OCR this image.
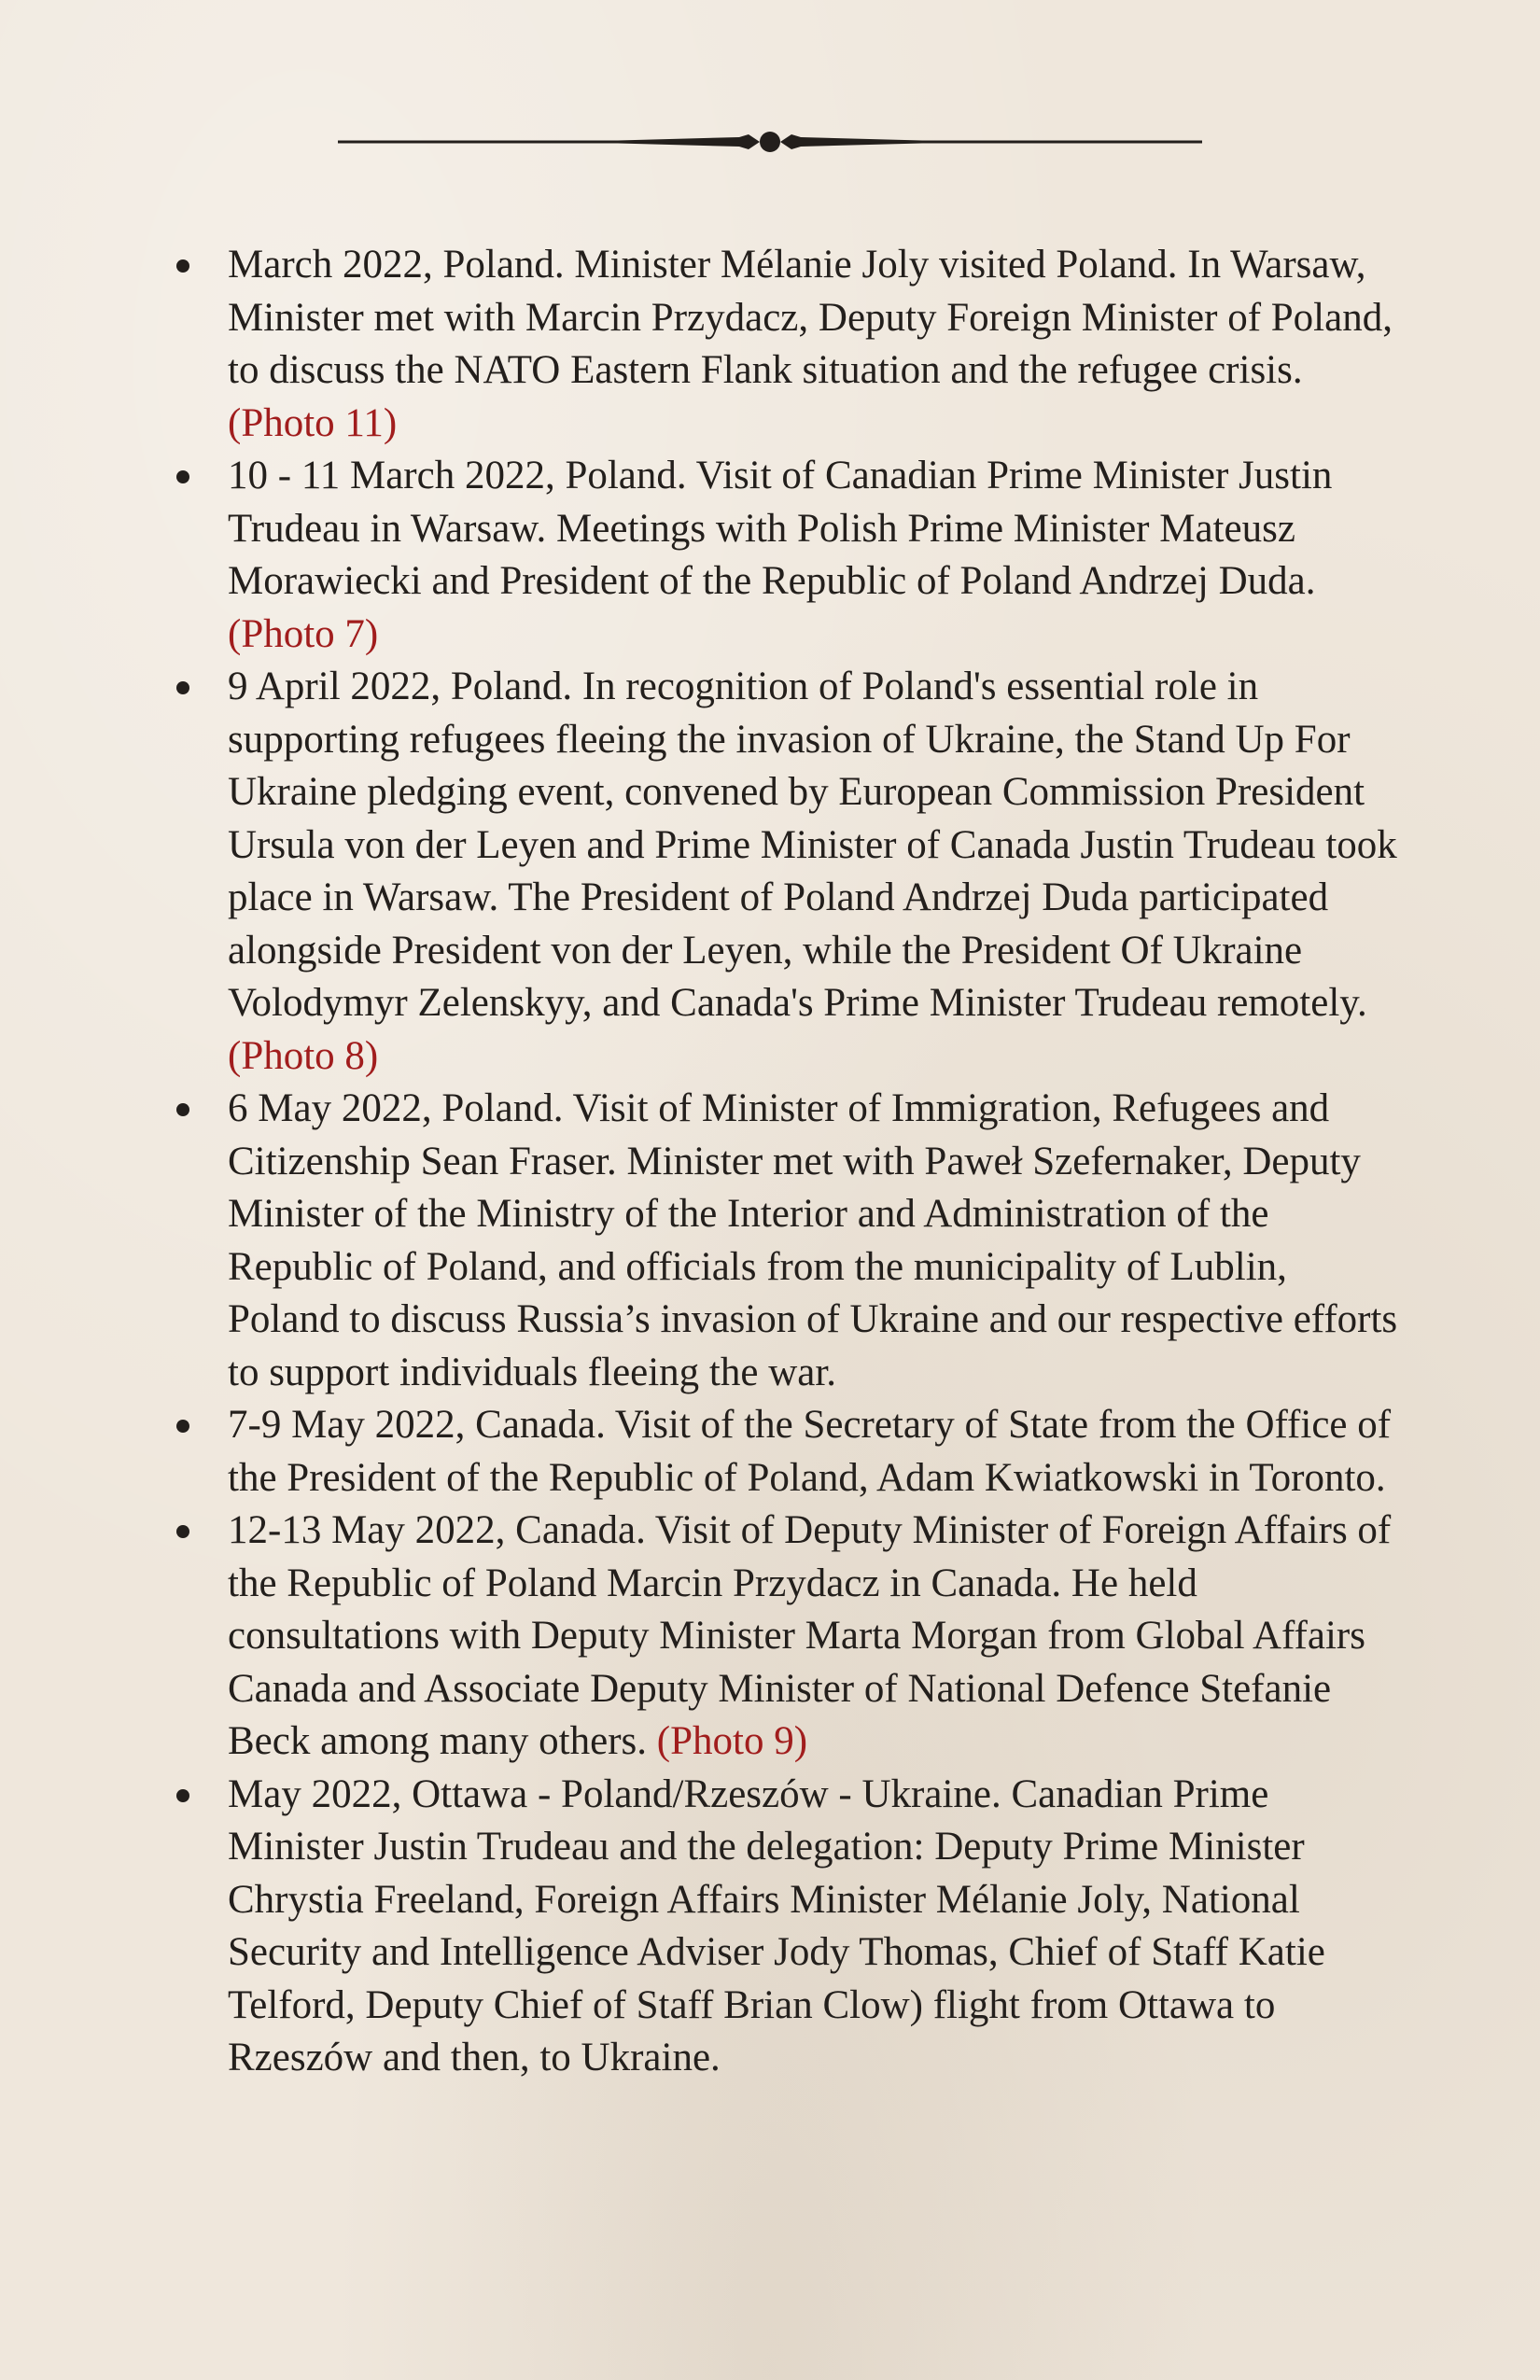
March 2022, Poland. Minister Mélanie Joly visited Poland. In Warsaw, Minister met with Marcin Przydacz, Deputy Foreign Minister of Poland, to discuss the NATO Eastern Flank situation and the refugee crisis. (Photo 11)
10 - 11 March 2022, Poland. Visit of Canadian Prime Minister Justin Trudeau in Warsaw. Meetings with Polish Prime Minister Mateusz Morawiecki and President of the Republic of Poland Andrzej Duda. (Photo 7)
9 April 2022, Poland. In recognition of Poland's essential role in supporting refugees fleeing the invasion of Ukraine, the Stand Up For Ukraine pledging event, convened by European Commission President Ursula von der Leyen and Prime Minister of Canada Justin Trudeau took place in Warsaw. The President of Poland Andrzej Duda participated alongside President von der Leyen, while the President Of Ukraine Volodymyr Zelenskyy, and Canada's Prime Minister Trudeau remotely. (Photo 8)
6 May 2022, Poland. Visit of Minister of Immigration, Refugees and Citizenship Sean Fraser. Minister met with Paweł Szefernaker, Deputy Minister of the Ministry of the Interior and Administration of the Republic of Poland, and officials from the municipality of Lublin, Poland to discuss Russia’s invasion of Ukraine and our respective efforts to support individuals fleeing the war.
7-9 May 2022, Canada. Visit of the Secretary of State from the Office of the President of the Republic of Poland, Adam Kwiatkowski in Toronto.
12-13 May 2022, Canada. Visit of Deputy Minister of Foreign Affairs of the Republic of Poland Marcin Przydacz in Canada. He held consultations with Deputy Minister Marta Morgan from Global Affairs Canada and Associate Deputy Minister of National Defence Stefanie Beck among many others. (Photo 9)
May 2022, Ottawa - Poland/Rzeszów - Ukraine. Canadian Prime Minister Justin Trudeau and the delegation: Deputy Prime Minister Chrystia Freeland, Foreign Affairs Minister Mélanie Joly, National Security and Intelligence Adviser Jody Thomas, Chief of Staff Katie Telford, Deputy Chief of Staff Brian Clow) flight from Ottawa to Rzeszów and then, to Ukraine.
